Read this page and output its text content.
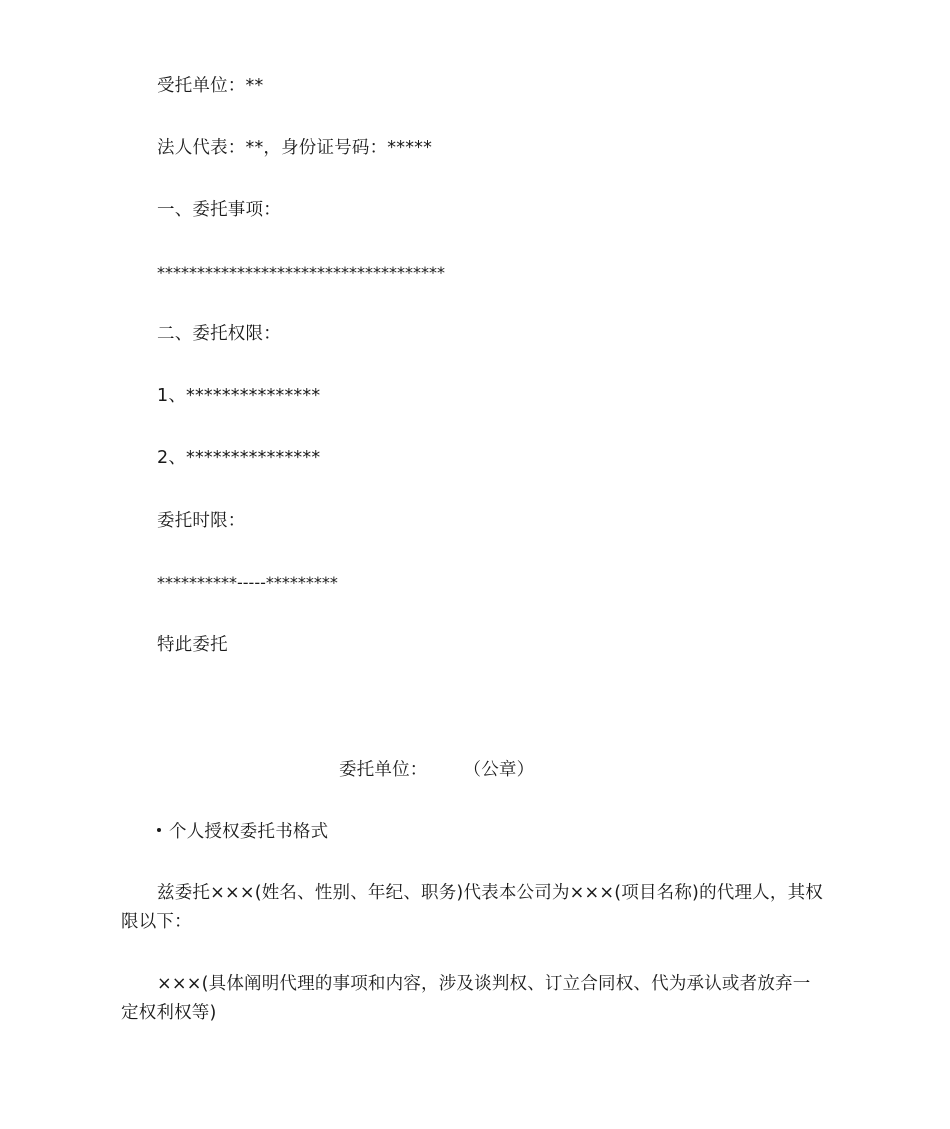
受托单位：**
法人代表：**，身份证号码：*****
一、委托事项：
************************************
二、委托权限：
1、***************
2、***************
委托时限：
**********-----*********
特此委托
委托单位： （公章）
个人授权委托书格式
兹委托×××(姓名、性别、年纪、职务)代表本公司为×××(项目名称)的代理人，其权限以下：
×××(具体阐明代理的事项和内容，涉及谈判权、订立合同权、代为承认或者放弃一定权利权等)
